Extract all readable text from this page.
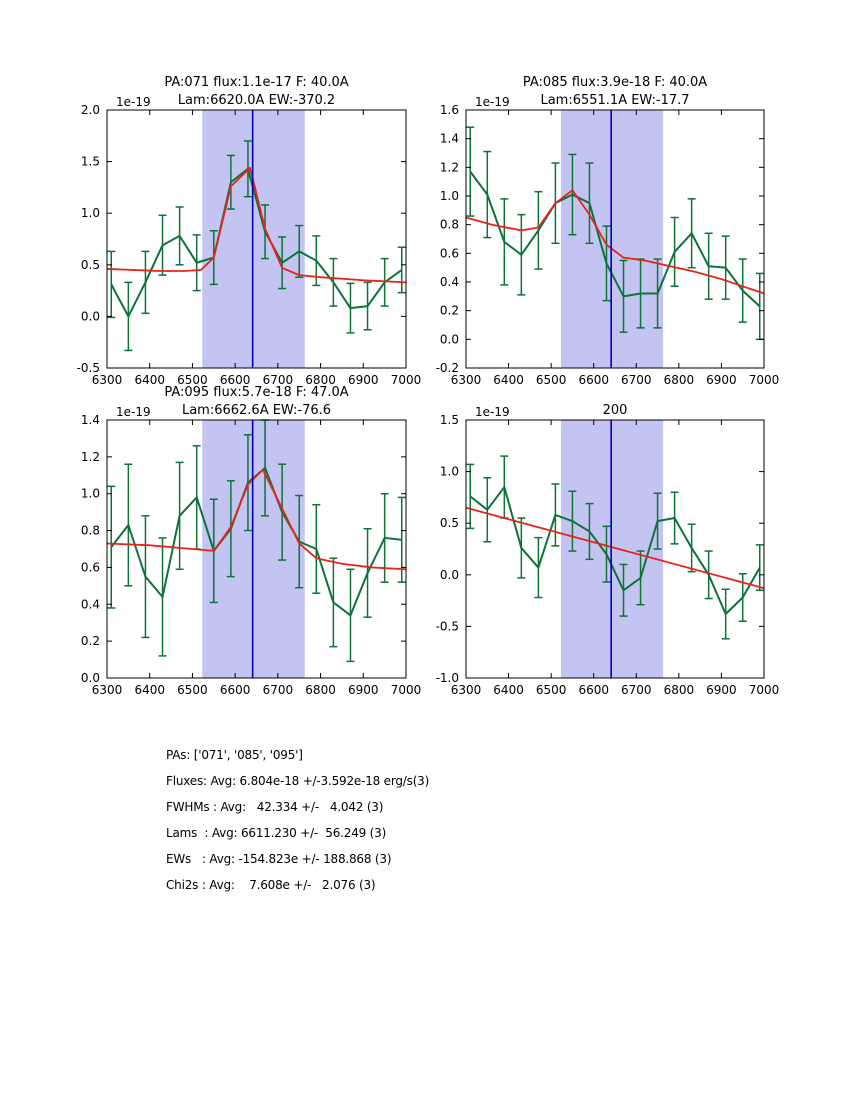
6300 6400 6500 6600 6700 6800 6900 7000
-0.5
0.0
0.5
1.0
1.5
2.0
1e-19
PA:071 flux:1.1e-17 F: 40.0A
Lam:6620.0A EW:-370.2
6300 6400 6500 6600 6700 6800 6900 7000
-0.2
0.0
0.2
0.4
0.6
0.8
1.0
1.2
1.4
1.6
1e-19
PA:085 flux:3.9e-18 F: 40.0A
Lam:6551.1A EW:-17.7
6300 6400 6500 6600 6700 6800 6900 7000
0.0
0.2
0.4
0.6
0.8
1.0
1.2
1.4
1e-19
PA:095 flux:5.7e-18 F: 47.0A
Lam:6662.6A EW:-76.6
6300 6400 6500 6600 6700 6800 6900 7000
-1.0
-0.5
0.0
0.5
1.0
1.5
1e-19	200
PAs: ['071', '085', '095']
Fluxes: Avg: 6.804e-18 +/-3.592e-18 erg/s(3)
FWHMs : Avg:   42.334 +/-   4.042 (3)
Lams  : Avg: 6611.230 +/-  56.249 (3)
EWs   : Avg: -154.823e +/- 188.868 (3)
Chi2s : Avg:    7.608e +/-   2.076 (3)
